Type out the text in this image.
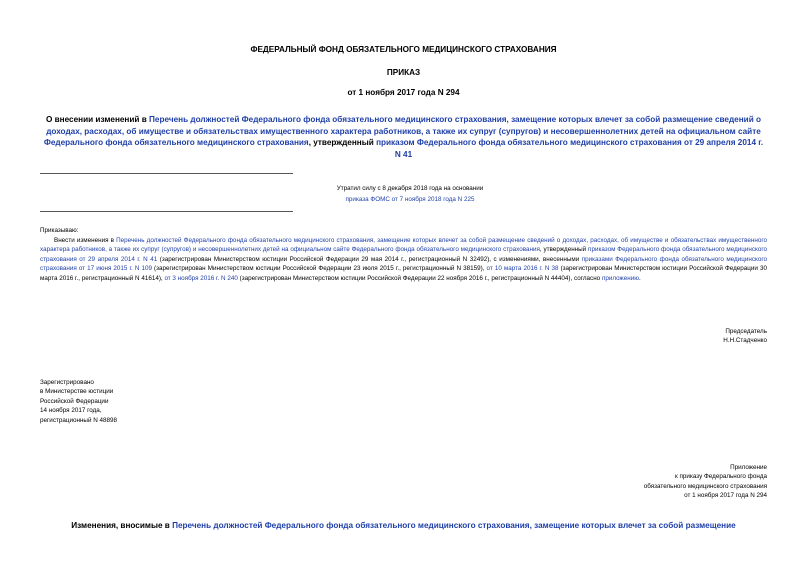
ФЕДЕРАЛЬНЫЙ ФОНД ОБЯЗАТЕЛЬНОГО МЕДИЦИНСКОГО СТРАХОВАНИЯ
ПРИКАЗ
от 1 ноября 2017 года N 294
О внесении изменений в Перечень должностей Федерального фонда обязательного медицинского страхования, замещение которых влечет за собой размещение сведений о доходах, расходах, об имуществе и обязательствах имущественного характера работников, а также их супруг (супругов) и несовершеннолетних детей на официальном сайте Федерального фонда обязательного медицинского страхования, утвержденный приказом Федерального фонда обязательного медицинского страхования от 29 апреля 2014 г. N 41
Утратил силу с 8 декабря 2018 года на основании
приказа ФОМС от 7 ноября 2018 года N 225
Приказываю:
Внести изменения в Перечень должностей Федерального фонда обязательного медицинского страхования, замещение которых влечет за собой размещение сведений о доходах, расходах, об имуществе и обязательствах имущественного характера работников, а также их супруг (супругов) и несовершеннолетних детей на официальном сайте Федерального фонда обязательного медицинского страхования, утвержденный приказом Федерального фонда обязательного медицинского страхования от 29 апреля 2014 г. N 41 (зарегистрирован Министерством юстиции Российской Федерации 29 мая 2014 г., регистрационный N 32492), с изменениями, внесенными приказами Федерального фонда обязательного медицинского страхования от 17 июня 2015 г. N 109 (зарегистрирован Министерством юстиции Российской Федерации 23 июля 2015 г., регистрационный N 38159), от 10 марта 2016 г. N 38 (зарегистрирован Министерством юстиции Российской Федерации 30 марта 2016 г., регистрационный N 41614), от 3 ноября 2016 г. N 240 (зарегистрирован Министерством юстиции Российской Федерации 22 ноября 2016 г., регистрационный N 44404), согласно приложению.
Председатель
Н.Н.Стадченко
Зарегистрировано
в Министерстве юстиции
Российской Федерации
14 ноября 2017 года,
регистрационный N 48898
Приложение
к приказу Федерального фонда
обязательного медицинского страхования
от 1 ноября 2017 года N 294
Изменения, вносимые в Перечень должностей Федерального фонда обязательного медицинского страхования, замещение которых влечет за собой размещение
